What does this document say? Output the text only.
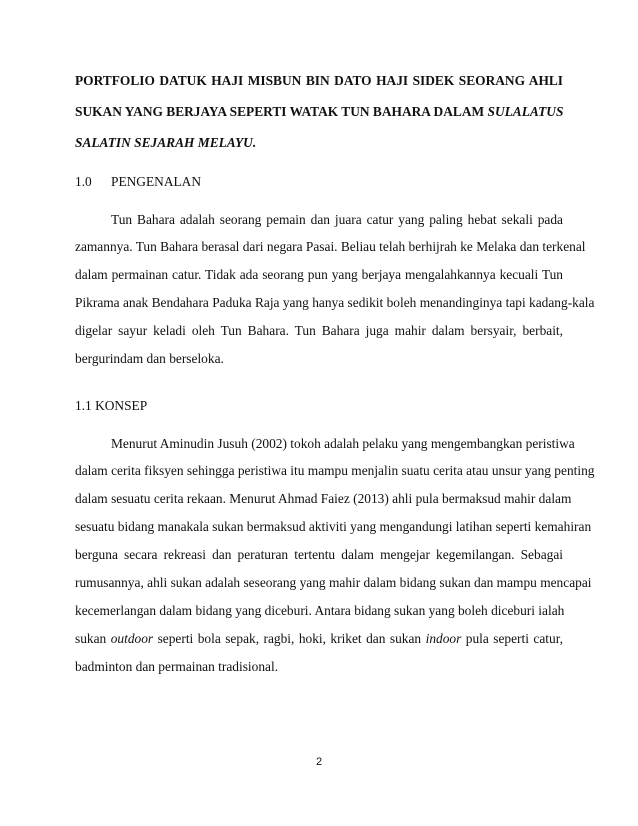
PORTFOLIO DATUK HAJI MISBUN BIN DATO HAJI SIDEK SEORANG AHLI
SUKAN YANG BERJAYA SEPERTI WATAK TUN BAHARA DALAM SULALATUS
SALATIN SEJARAH MELAYU.
1.0 PENGENALAN
Tun Bahara adalah seorang pemain dan juara catur yang paling hebat sekali pada
zamannya. Tun Bahara berasal dari negara Pasai. Beliau telah berhijrah ke Melaka dan terkenal
dalam permainan catur. Tidak ada seorang pun yang berjaya mengalahkannya kecuali Tun
Pikrama anak Bendahara Paduka Raja yang hanya sedikit boleh menandinginya tapi kadang-kala
digelar sayur keladi oleh Tun Bahara. Tun Bahara juga mahir dalam bersyair, berbait,
bergurindam dan berseloka.
1.1 KONSEP
Menurut Aminudin Jusuh (2002) tokoh adalah pelaku yang mengembangkan peristiwa
dalam cerita fiksyen sehingga peristiwa itu mampu menjalin suatu cerita atau unsur yang penting
dalam sesuatu cerita rekaan. Menurut Ahmad Faiez (2013) ahli pula bermaksud mahir dalam
sesuatu bidang manakala sukan bermaksud aktiviti yang mengandungi latihan seperti kemahiran
berguna secara rekreasi dan peraturan tertentu dalam mengejar kegemilangan. Sebagai
rumusannya, ahli sukan adalah seseorang yang mahir dalam bidang sukan dan mampu mencapai
kecemerlangan dalam bidang yang diceburi. Antara bidang sukan yang boleh diceburi ialah
sukan outdoor seperti bola sepak, ragbi, hoki, kriket dan sukan indoor pula seperti catur,
badminton dan permainan tradisional.
2
